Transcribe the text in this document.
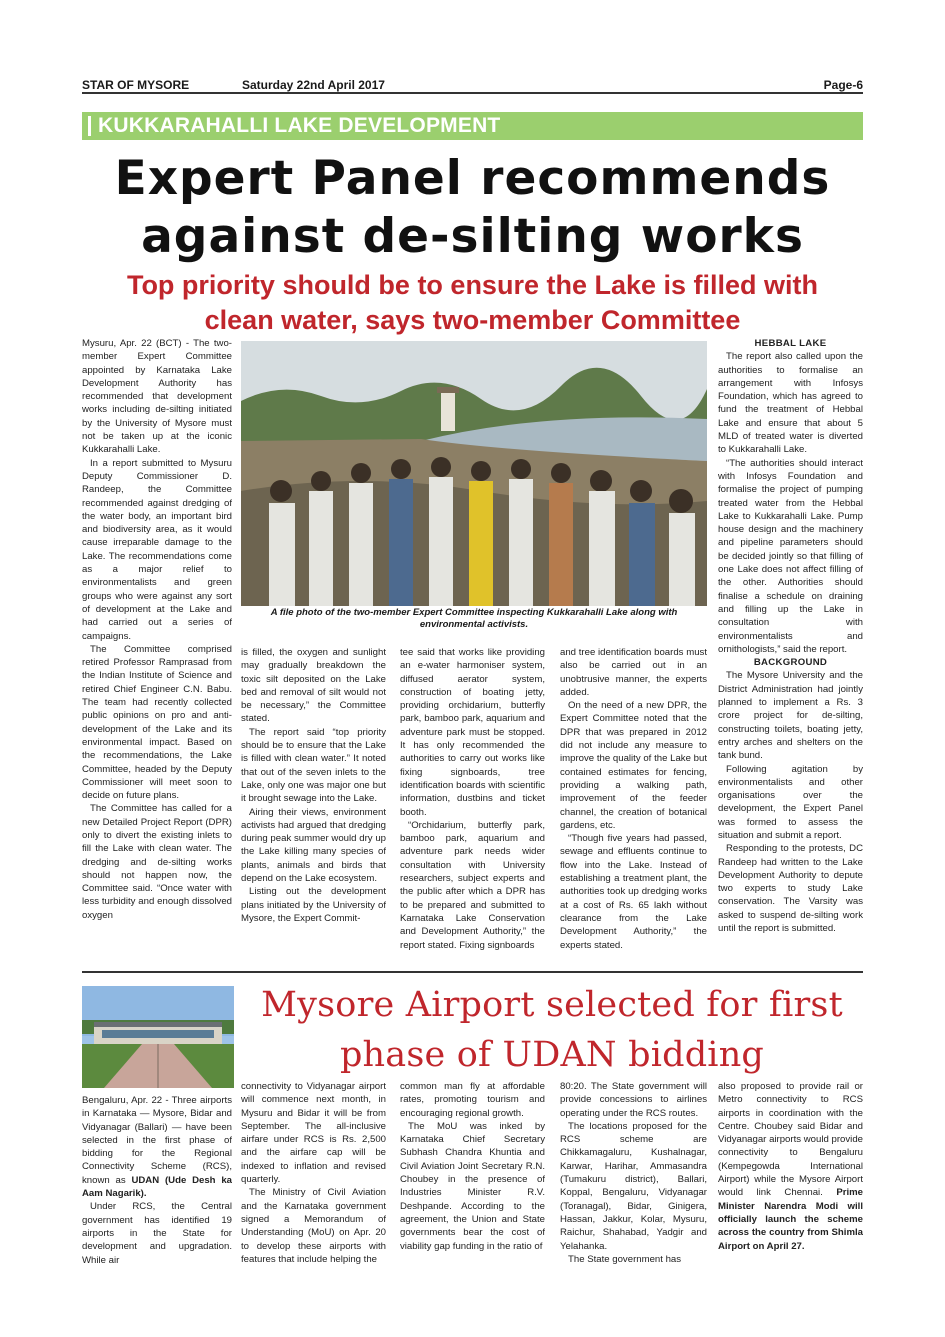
STAR OF MYSORE	Saturday 22nd April 2017	Page-6
KUKKARAHALLI LAKE DEVELOPMENT
Expert Panel recommends
against de-silting works
Top priority should be to ensure the Lake is filled with
clean water, says two-member Committee

Mysuru, Apr. 22 (BCT) - The two-member Expert Committee appointed by Karnataka Lake Development Authority has recommended that development works including de-silting initiated by the University of Mysore must not be taken up at the iconic Kukkarahalli Lake.

In a report submitted to Mysuru Deputy Commissioner D. Randeep, the Committee recommended against dredging of the water body, an important bird and biodiversity area, as it would cause irreparable damage to the Lake. The recommendations come as a major relief to environmentalists and green groups who were against any sort of development at the Lake and had carried out a series of campaigns.

The Committee comprised retired Professor Ramprasad from the Indian Institute of Science and retired Chief Engineer C.N. Babu. The team had recently collected public opinions on pro and anti-development of the Lake and its environmental impact. Based on the recommendations, the Lake Committee, headed by the Deputy Commissioner will meet soon to decide on future plans.

The Committee has called for a new Detailed Project Report (DPR) only to divert the existing inlets to fill the Lake with clean water. The dredging and de-silting works should not happen now, the Committee said. “Once water with less turbidity and enough dissolved oxygen

A file photo of the two-member Expert Committee inspecting Kukkarahalli Lake along with environmental activists.

is filled, the oxygen and sunlight may gradually breakdown the toxic silt deposited on the Lake bed and removal of silt would not be necessary,” the Committee stated.

The report said “top priority should be to ensure that the Lake is filled with clean water.” It noted that out of the seven inlets to the Lake, only one was major one but it brought sewage into the Lake.

Airing their views, environment activists had argued that dredging during peak summer would dry up the Lake killing many species of plants, animals and birds that depend on the Lake ecosystem.

Listing out the development plans initiated by the University of Mysore, the Expert Commit-

tee said that works like providing an e-water harmoniser system, diffused aerator system, construction of boating jetty, providing orchidarium, butterfly park, bamboo park, aquarium and adventure park must be stopped. It has only recommended the authorities to carry out works like fixing signboards, tree identification boards with scientific information, dustbins and ticket booth.

“Orchidarium, butterfly park, bamboo park, aquarium and adventure park needs wider consultation with University researchers, subject experts and the public after which a DPR has to be prepared and submitted to Karnataka Lake Conservation and Development Authority,” the report stated. Fixing signboards

and tree identification boards must also be carried out in an unobtrusive manner, the experts added.

On the need of a new DPR, the Expert Committee noted that the DPR that was prepared in 2012 did not include any measure to improve the quality of the Lake but contained estimates for fencing, providing a walking path, improvement of the feeder channel, the creation of botanical gardens, etc.

“Though five years had passed, sewage and effluents continue to flow into the Lake. Instead of establishing a treatment plant, the authorities took up dredging works at a cost of Rs. 65 lakh without clearance from the Lake Development Authority,” the experts stated.

HEBBAL LAKE

The report also called upon the authorities to formalise an arrangement with Infosys Foundation, which has agreed to fund the treatment of Hebbal Lake and ensure that about 5 MLD of treated water is diverted to Kukkarahalli Lake.

“The authorities should interact with Infosys Foundation and formalise the project of pumping treated water from the Hebbal Lake to Kukkarahalli Lake. Pump house design and the machinery and pipeline parameters should be decided jointly so that filling of one Lake does not affect filling of the other. Authorities should finalise a schedule on draining and filling up the Lake in consultation with environmentalists and ornithologists,” said the report.

BACKGROUND

The Mysore University and the District Administration had jointly planned to implement a Rs. 3 crore project for de-silting, constructing toilets, boating jetty, entry arches and shelters on the tank bund.

Following agitation by environmentalists and other organisations over the development, the Expert Panel was formed to assess the situation and submit a report.

Responding to the protests, DC Randeep had written to the Lake Development Authority to depute two experts to study Lake conservation. The Varsity was asked to suspend de-silting work until the report is submitted.

Mysore Airport selected for first
phase of UDAN bidding

Bengaluru, Apr. 22 - Three airports in Karnataka — Mysore, Bidar and Vidyanagar (Ballari) — have been selected in the first phase of bidding for the Regional Connectivity Scheme (RCS), known as UDAN (Ude Desh ka Aam Nagarik).

Under RCS, the Central government has identified 19 airports in the State for development and upgradation. While air

connectivity to Vidyanagar airport will commence next month, in Mysuru and Bidar it will be from September. The all-inclusive airfare under RCS is Rs. 2,500 and the airfare cap will be indexed to inflation and revised quarterly.

The Ministry of Civil Aviation and the Karnataka government signed a Memorandum of Understanding (MoU) on Apr. 20 to develop these airports with features that include helping the

common man fly at affordable rates, promoting tourism and encouraging regional growth.

The MoU was inked by Karnataka Chief Secretary Subhash Chandra Khuntia and Civil Aviation Joint Secretary R.N. Choubey in the presence of Industries Minister R.V. Deshpande. According to the agreement, the Union and State governments bear the cost of viability gap funding in the ratio of

80:20. The State government will provide concessions to airlines operating under the RCS routes.

The locations proposed for the RCS scheme are Chikkamagaluru, Kushalnagar, Karwar, Harihar, Ammasandra (Tumakuru district), Ballari, Koppal, Bengaluru, Vidyanagar (Toranagal), Bidar, Ginigera, Hassan, Jakkur, Kolar, Mysuru, Raichur, Shahabad, Yadgir and Yelahanka.

The State government has

also proposed to provide rail or Metro connectivity to RCS airports in coordination with the Centre. Choubey said Bidar and Vidyanagar airports would provide connectivity to Bengaluru (Kempegowda International Airport) while the Mysore Airport would link Chennai. Prime Minister Narendra Modi will officially launch the scheme across the country from Shimla Airport on April 27.
